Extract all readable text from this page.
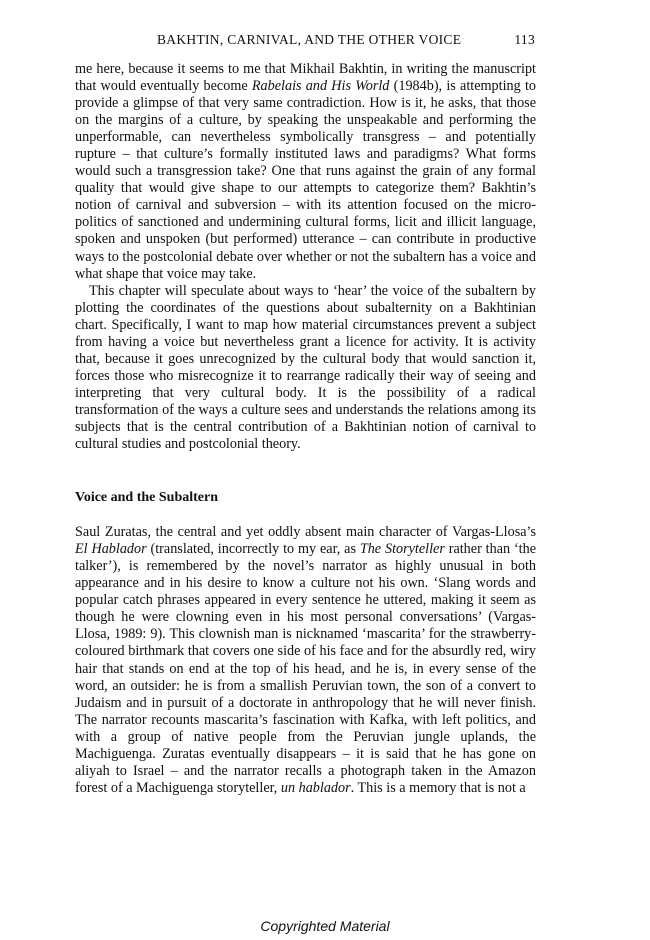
BAKHTIN, CARNIVAL, AND THE OTHER VOICE	113

me here, because it seems to me that Mikhail Bakhtin, in writing the manuscript that would eventually become Rabelais and His World (1984b), is attempting to provide a glimpse of that very same contradiction. How is it, he asks, that those on the margins of a culture, by speaking the unspeakable and performing the unperformable, can nevertheless symbolically transgress – and potentially rupture – that culture’s formally instituted laws and paradigms? What forms would such a transgression take? One that runs against the grain of any formal quality that would give shape to our attempts to categorize them? Bakhtin’s notion of carnival and subversion – with its attention focused on the micro-politics of sanctioned and undermining cultural forms, licit and illicit language, spoken and unspoken (but performed) utterance – can contribute in productive ways to the postcolonial debate over whether or not the subaltern has a voice and what shape that voice may take.

This chapter will speculate about ways to ‘hear’ the voice of the subaltern by plotting the coordinates of the questions about subalternity on a Bakhtinian chart. Specifically, I want to map how material circumstances prevent a subject from having a voice but nevertheless grant a licence for activity. It is activity that, because it goes unrecognized by the cultural body that would sanction it, forces those who misrecognize it to rearrange radically their way of seeing and interpreting that very cultural body. It is the possibility of a radical transformation of the ways a culture sees and understands the relations among its subjects that is the central contribution of a Bakhtinian notion of carnival to cultural studies and postcolonial theory.

Voice and the Subaltern

Saul Zuratas, the central and yet oddly absent main character of Vargas-Llosa’s El Hablador (translated, incorrectly to my ear, as The Storyteller rather than ‘the talker’), is remembered by the novel’s narrator as highly unusual in both appearance and in his desire to know a culture not his own. ‘Slang words and popular catch phrases appeared in every sentence he uttered, making it seem as though he were clowning even in his most personal conversations’ (Vargas-Llosa, 1989: 9). This clownish man is nicknamed ‘mascarita’ for the strawberry-coloured birthmark that covers one side of his face and for the absurdly red, wiry hair that stands on end at the top of his head, and he is, in every sense of the word, an outsider: he is from a smallish Peruvian town, the son of a convert to Judaism and in pursuit of a doctorate in anthropology that he will never finish. The narrator recounts mascarita’s fascination with Kafka, with left politics, and with a group of native people from the Peruvian jungle uplands, the Machiguenga. Zuratas eventually disappears – it is said that he has gone on aliyah to Israel – and the narrator recalls a photograph taken in the Amazon forest of a Machiguenga storyteller, un hablador. This is a memory that is not a

Copyrighted Material
